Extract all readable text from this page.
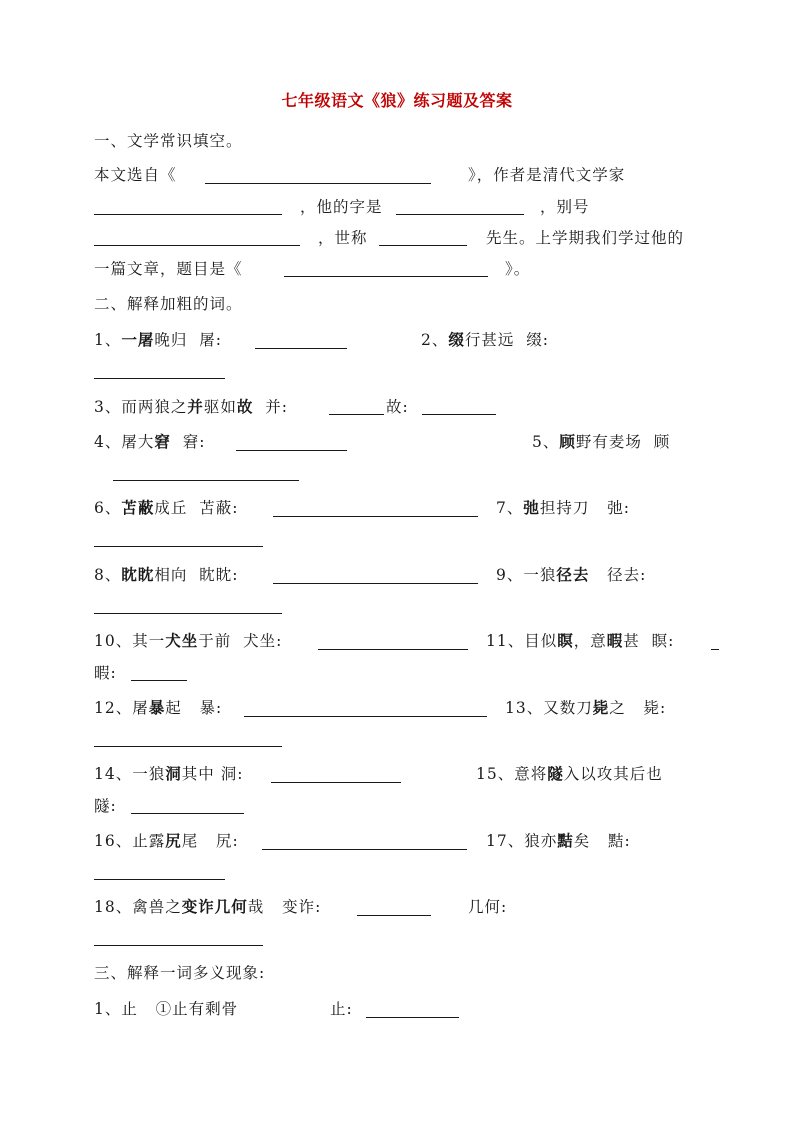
七年级语文《狼》练习题及答案
一、文学常识填空。
本文选自《	》，作者是清代文学家
，他的字是	，别号
，世称	先生。上学期我们学过他的
一篇文章，题目是《	》。
二、解释加粗的词。
1、一屠晚归 屠:	2、缀行甚远 缀:
3、而两狼之并驱如故 并:	故:
4、屠大窘 窘:	5、顾野有麦场 顾
6、苫蔽成丘 苫蔽:	7、弛担持刀 弛:
8、眈眈相向 眈眈:	9、一狼径去 径去:
10、其一犬坐于前 犬坐:	11、目似瞑，意暇甚 瞑:
暇:
12、屠暴起 暴:	13、又数刀毙之 毙:
14、一狼洞其中 洞:	15、意将隧入以攻其后也
隧:
16、止露尻尾 尻:	17、狼亦黠矣 黠:
18、禽兽之变诈几何哉 变诈:	几何:
三、解释一词多义现象:
1、止 ①止有剩骨	止:
